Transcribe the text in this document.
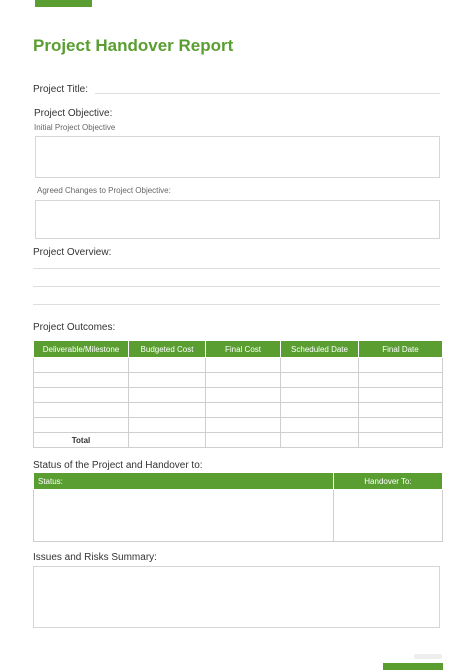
Project Handover Report
Project Title:
Project Objective:
Initial Project Objective
Agreed Changes to Project Objective:
Project Overview:
Project Outcomes:
Deliverable/Milestone	Budgeted Cost	Final Cost	Scheduled Date	Final Date

Total				
Status of the Project and Handover to:
Status:	Handover To:

Issues and Risks Summary:
